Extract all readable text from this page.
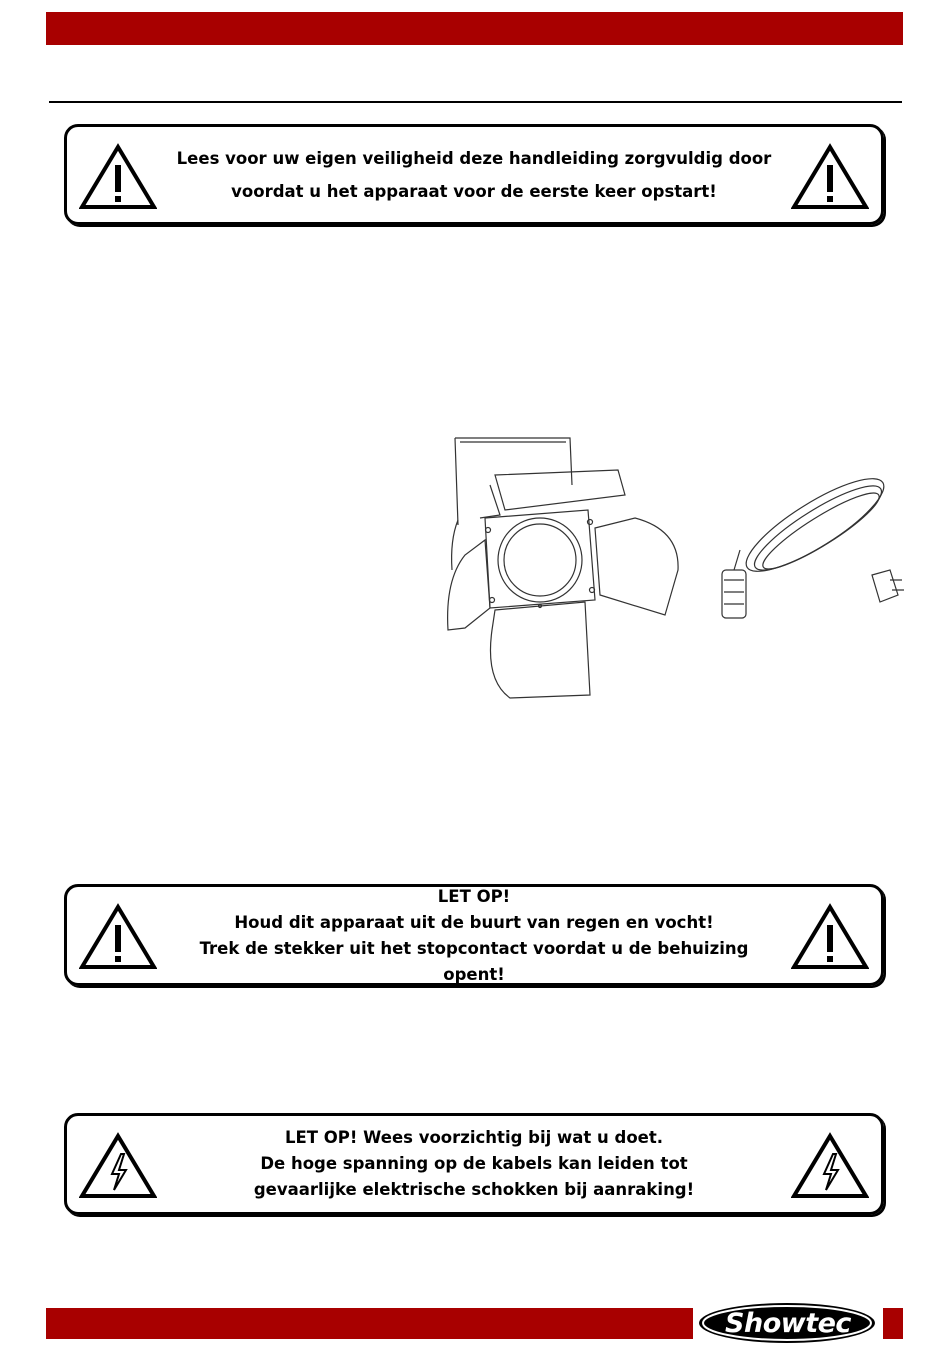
Lees voor uw eigen veiligheid deze handleiding zorgvuldig door
voordat u het apparaat voor de eerste keer opstart!
LET OP!
Houd dit apparaat uit de buurt van regen en vocht!
Trek de stekker uit het stopcontact voordat u de behuizing opent!
LET OP! Wees voorzichtig bij wat u doet.
De hoge spanning op de kabels kan leiden tot
gevaarlijke elektrische schokken bij aanraking!
Showtec
